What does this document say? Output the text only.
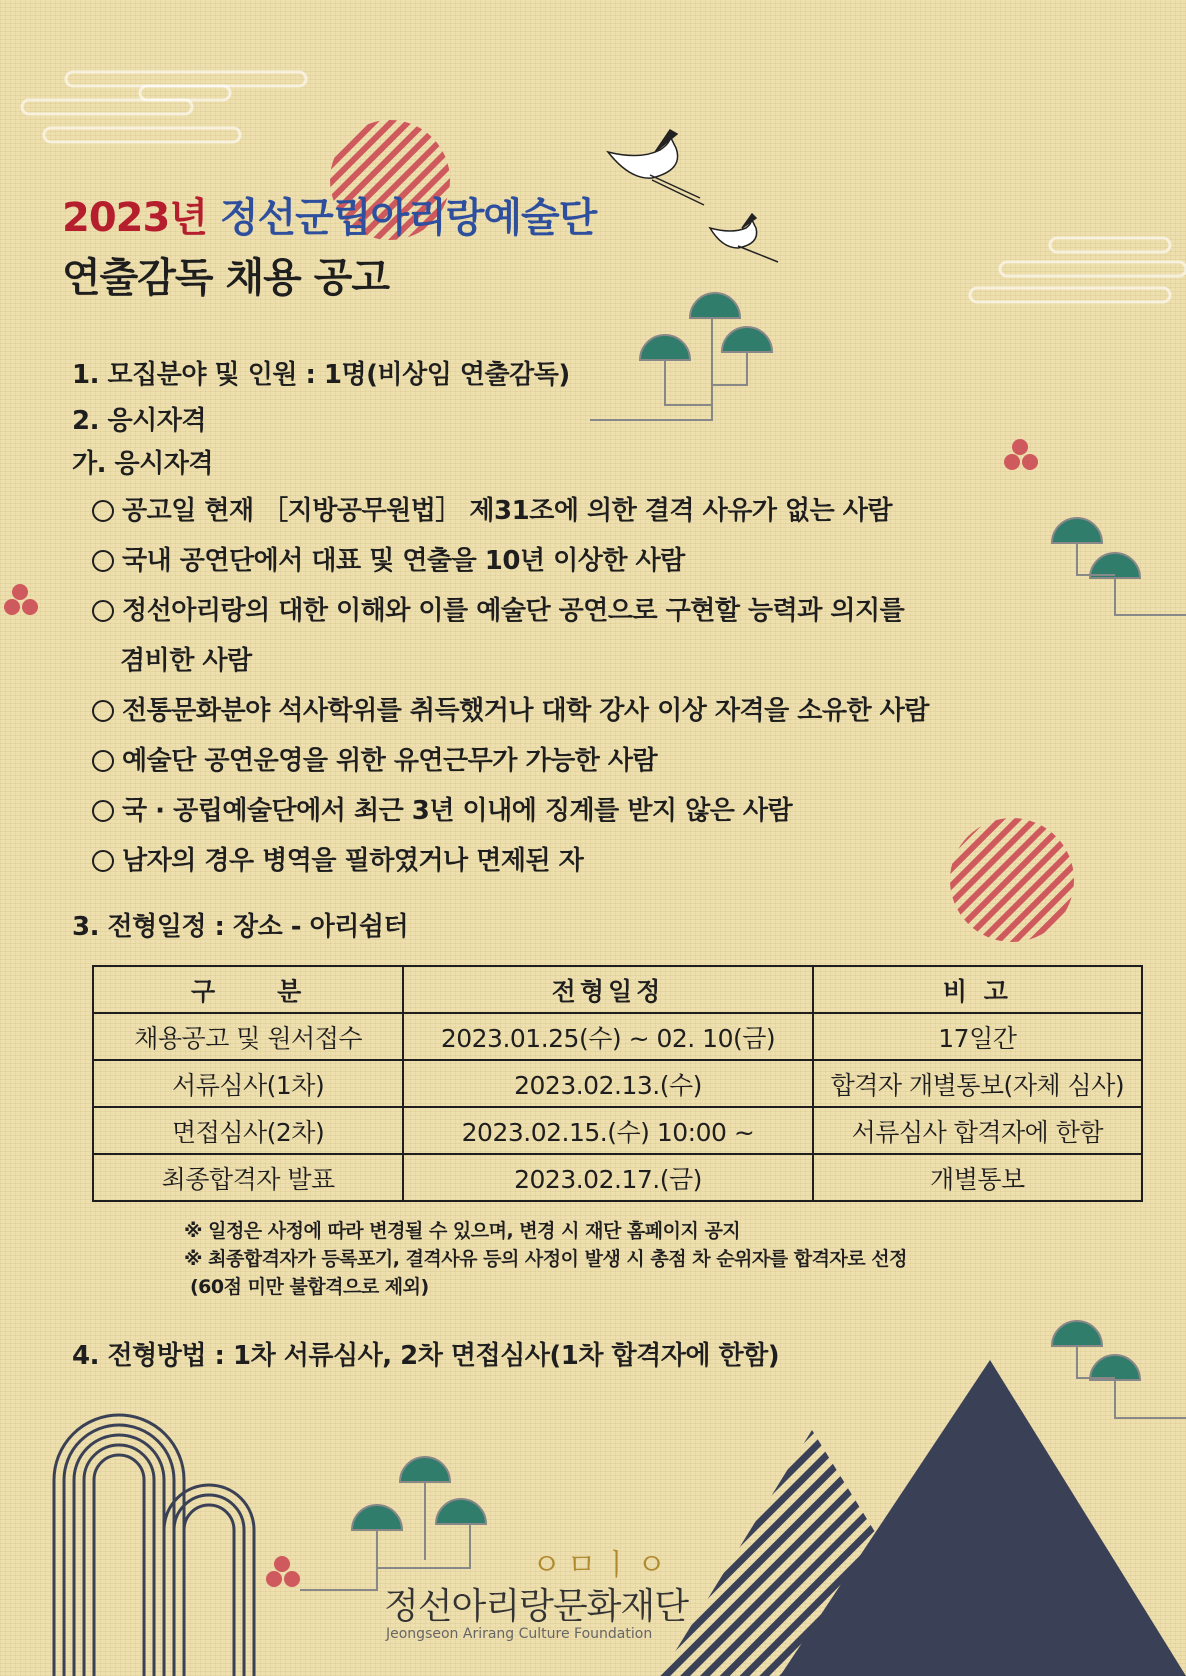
2023년 정선군립아리랑예술단
연출감독 채용 공고
1. 모집분야 및 인원 : 1명(비상임 연출감독)
2. 응시자격
가. 응시자격
공고일 현재 ［지방공무원법］ 제31조에 의한 결격 사유가 없는 사람
국내 공연단에서 대표 및 연출을 10년 이상한 사람
정선아리랑의 대한 이해와 이를 예술단 공연으로 구현할 능력과 의지를
겸비한 사람
전통문화분야 석사학위를 취득했거나 대학 강사 이상 자격을 소유한 사람
예술단 공연운영을 위한 유연근무가 가능한 사람
국 · 공립예술단에서 최근 3년 이내에 징계를 받지 않은 사람
남자의 경우 병역을 필하였거나 면제된 자
3. 전형일정 : 장소 - 아리쉼터
구　　분	전형일정	비 고
채용공고 및 원서접수	2023.01.25(수) ~ 02. 10(금)	17일간
서류심사(1차)	2023.02.13.(수)	합격자 개별통보(자체 심사)
면접심사(2차)	2023.02.15.(수) 10:00 ~	서류심사 합격자에 한함
최종합격자 발표	2023.02.17.(금)	개별통보
※ 일정은 사정에 따라 변경될 수 있으며, 변경 시 재단 홈페이지 공지
※ 최종합격자가 등록포기, 결격사유 등의 사정이 발생 시 총점 차 순위자를 합격자로 선정
(60점 미만 불합격으로 제외)
4. 전형방법 : 1차 서류심사, 2차 면접심사(1차 합격자에 한함)
ㅇㅁㅣㅇ
정선아리랑문화재단
Jeongseon Arirang Culture Foundation
